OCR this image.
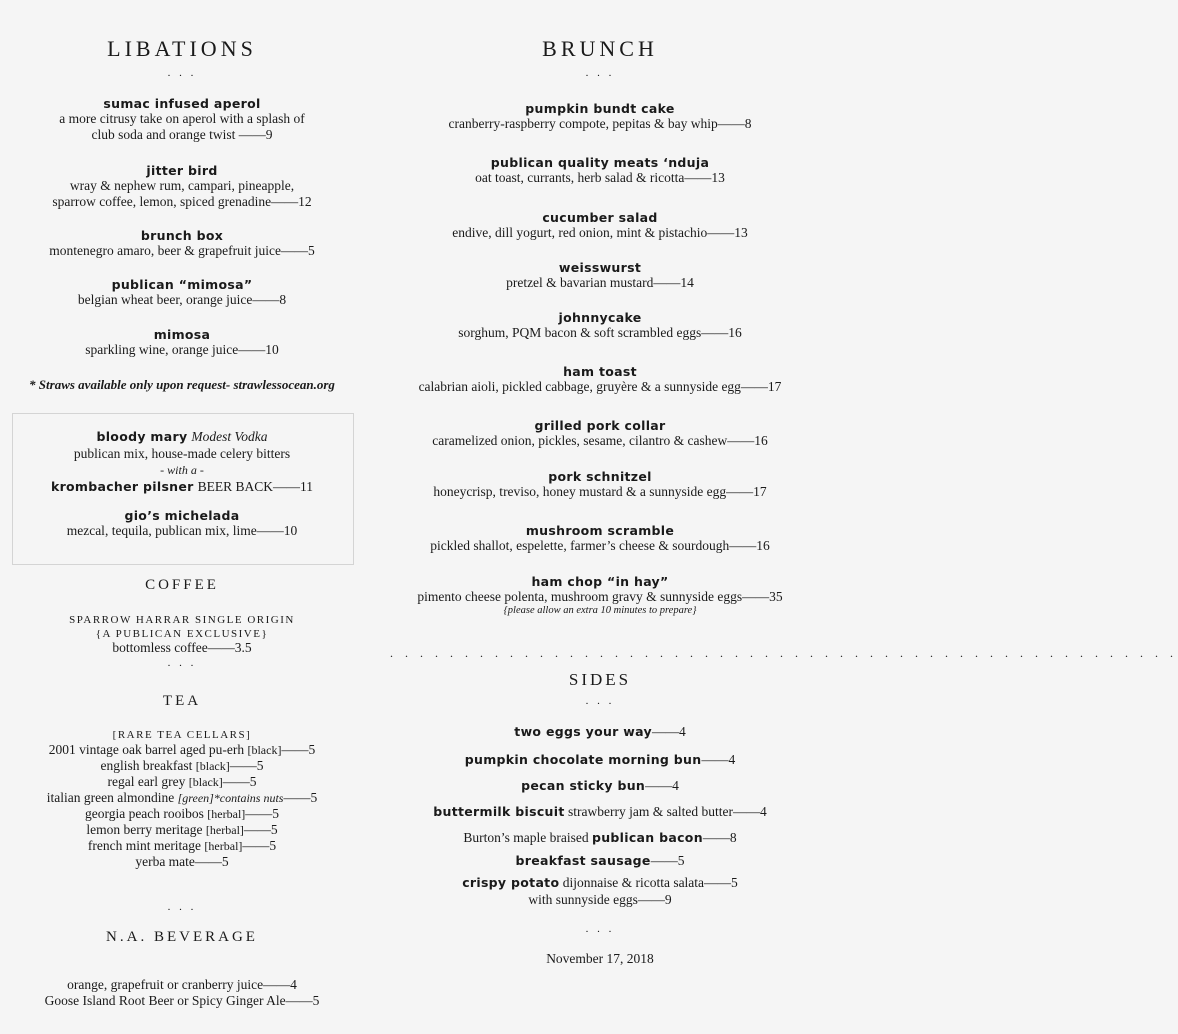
LIBATIONS
. . .
sumac infused aperol
a more citrusy take on aperol with a splash of
club soda and orange twist ——9
jitter bird
wray & nephew rum, campari, pineapple,
sparrow coffee, lemon, spiced grenadine——12
brunch box
montenegro amaro, beer & grapefruit juice——5
publican “mimosa”
belgian wheat beer, orange juice——8
mimosa
sparkling wine, orange juice——10
* Straws available only upon request- strawlessocean.org
bloody mary Modest Vodka
publican mix, house-made celery bitters
- with a -
krombacher pilsner BEER BACK——11
gio’s michelada
mezcal, tequila, publican mix, lime——10
COFFEE
SPARROW HARRAR SINGLE ORIGIN
{A PUBLICAN EXCLUSIVE}
bottomless coffee——3.5
. . .
TEA
[RARE TEA CELLARS]
2001 vintage oak barrel aged pu-erh [black]——5
english breakfast [black]——5
regal earl grey [black]——5
italian green almondine [green]*contains nuts——5
georgia peach rooibos [herbal]——5
lemon berry meritage [herbal]——5
french mint meritage [herbal]——5
yerba mate——5
. . .
N.A. BEVERAGE
orange, grapefruit or cranberry juice——4
Goose Island Root Beer or Spicy Ginger Ale——5
BRUNCH
. . .
pumpkin bundt cake
cranberry-raspberry compote, pepitas & bay whip——8
publican quality meats ‘nduja
oat toast, currants, herb salad & ricotta——13
cucumber salad
endive, dill yogurt, red onion, mint & pistachio——13
weisswurst
pretzel & bavarian mustard——14
johnnycake
sorghum, PQM bacon & soft scrambled eggs——16
ham toast
calabrian aioli, pickled cabbage, gruyère & a sunnyside egg——17
grilled pork collar
caramelized onion, pickles, sesame, cilantro & cashew——16
pork schnitzel
honeycrisp, treviso, honey mustard & a sunnyside egg——17
mushroom scramble
pickled shallot, espelette, farmer’s cheese & sourdough——16
ham chop “in hay”
pimento cheese polenta, mushroom gravy & sunnyside eggs——35
{please allow an extra 10 minutes to prepare}
. . . . . . . . . . . . . . . . . . . . . . . . . . . . . . . . . . . . . . . . . . . . . . . . . . . . .
SIDES
. . .
two eggs your way——4
pumpkin chocolate morning bun——4
pecan sticky bun——4
buttermilk biscuit strawberry jam & salted butter——4
Burton’s maple braised publican bacon——8
breakfast sausage——5
crispy potato dijonnaise & ricotta salata——5
with sunnyside eggs——9
. . .
November 17, 2018
